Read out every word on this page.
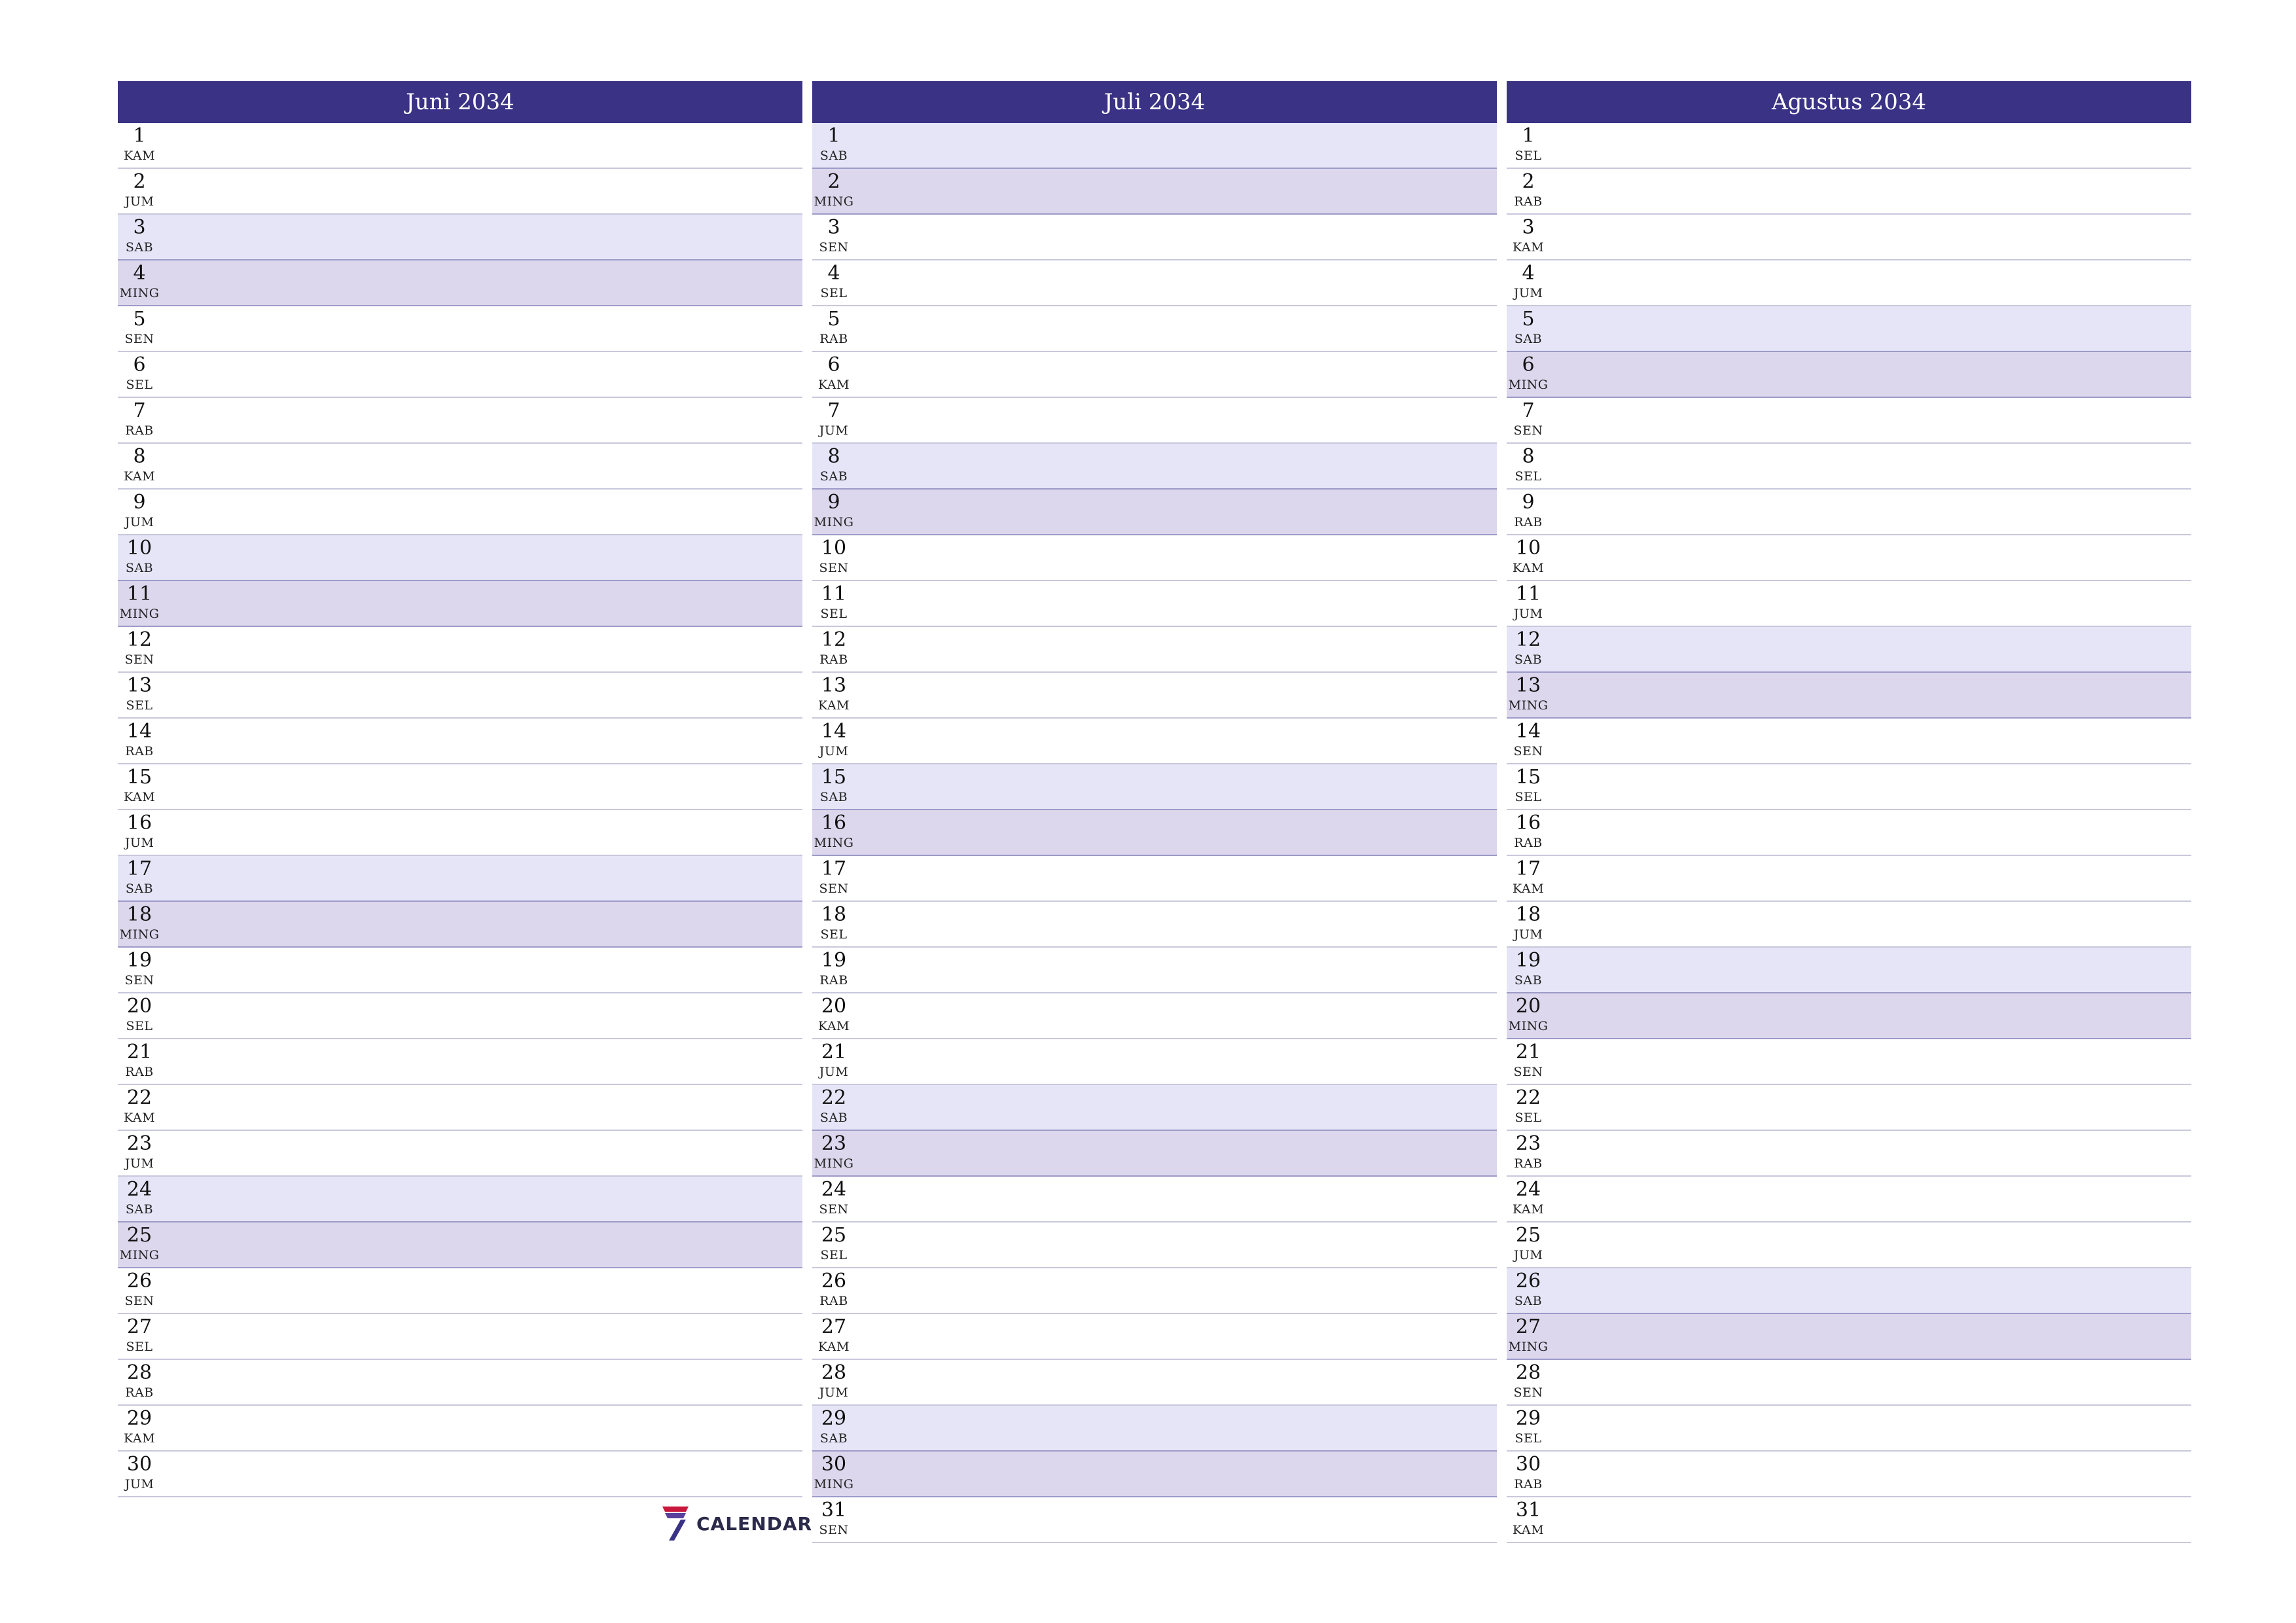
Juni 2034
1
KAM
2
JUM
3
SAB
4
MING
5
SEN
6
SEL
7
RAB
8
KAM
9
JUM
10
SAB
11
MING
12
SEN
13
SEL
14
RAB
15
KAM
16
JUM
17
SAB
18
MING
19
SEN
20
SEL
21
RAB
22
KAM
23
JUM
24
SAB
25
MING
26
SEN
27
SEL
28
RAB
29
KAM
30
JUM
Juli 2034
1
SAB
2
MING
3
SEN
4
SEL
5
RAB
6
KAM
7
JUM
8
SAB
9
MING
10
SEN
11
SEL
12
RAB
13
KAM
14
JUM
15
SAB
16
MING
17
SEN
18
SEL
19
RAB
20
KAM
21
JUM
22
SAB
23
MING
24
SEN
25
SEL
26
RAB
27
KAM
28
JUM
29
SAB
30
MING
31
SEN
Agustus 2034
1
SEL
2
RAB
3
KAM
4
JUM
5
SAB
6
MING
7
SEN
8
SEL
9
RAB
10
KAM
11
JUM
12
SAB
13
MING
14
SEN
15
SEL
16
RAB
17
KAM
18
JUM
19
SAB
20
MING
21
SEN
22
SEL
23
RAB
24
KAM
25
JUM
26
SAB
27
MING
28
SEN
29
SEL
30
RAB
31
KAM
CALENDAR
